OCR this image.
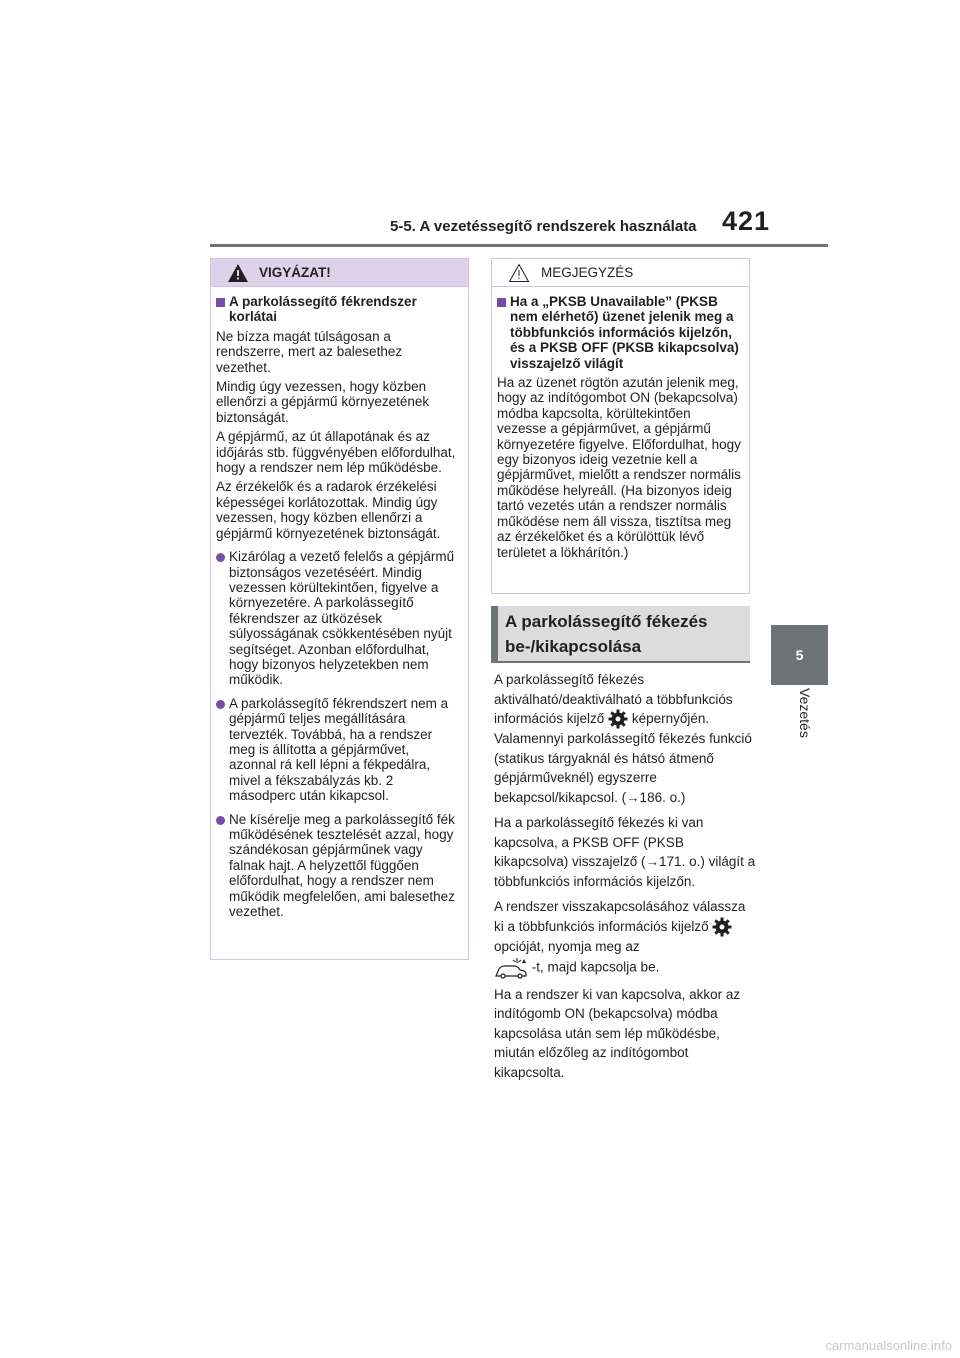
5-5. A vezetéssegítő rendszerek használata 421
5
Vezetés
VIGYÁZAT!
A parkolássegítő fékrendszer korlátai

Ne bízza magát túlságosan a rendszerre, mert az balesethez vezethet.

Mindig úgy vezessen, hogy közben ellenőrzi a gépjármű környezetének biztonságát.

A gépjármű, az út állapotának és az időjárás stb. függvényében előfordulhat, hogy a rendszer nem lép működésbe.

Az érzékelők és a radarok érzékelési képességei korlátozottak. Mindig úgy vezessen, hogy közben ellenőrzi a gépjármű környezetének biztonságát.

Kizárólag a vezető felelős a gépjármű biztonságos vezetéséért. Mindig vezessen körültekintően, figyelve a környezetére. A parkolássegítő fékrendszer az ütközések súlyosságának csökkentésében nyújt segítséget. Azonban előfordulhat, hogy bizonyos helyzetekben nem működik.
A parkolássegítő fékrendszert nem a gépjármű teljes megállítására tervezték. Továbbá, ha a rendszer meg is állította a gépjárművet, azonnal rá kell lépni a fékpedálra, mivel a fékszabályzás kb. 2 másodperc után kikapcsol.
Ne kísérelje meg a parkolássegítő fék működésének tesztelését azzal, hogy szándékosan gépjárműnek vagy falnak hajt. A helyzettől függően előfordulhat, hogy a rendszer nem működik megfelelően, ami balesethez vezethet.
MEGJEGYZÉS
Ha a „PKSB Unavailable” (PKSB nem elérhető) üzenet jelenik meg a többfunkciós információs kijelzőn, és a PKSB OFF (PKSB kikapcsolva) visszajelző világít

Ha az üzenet rögtön azután jelenik meg, hogy az indítógombot ON (bekapcsolva) módba kapcsolta, körültekintően vezesse a gépjárművet, a gépjármű környezetére figyelve. Előfordulhat, hogy egy bizonyos ideig vezetnie kell a gépjárművet, mielőtt a rendszer normális működése helyreáll. (Ha bizonyos ideig tartó vezetés után a rendszer normális működése nem áll vissza, tisztítsa meg az érzékelőket és a körülöttük lévő területet a lökhárítón.)

A parkolássegítő fékezés be-/kikapcsolása

A parkolássegítő fékezés aktiválható/deaktiválható a többfunkciós információs kijelző képernyőjén. Valamennyi parkolássegítő fékezés funkció (statikus tárgyaknál és hátsó átmenő gépjárműveknél) egyszerre bekapcsol/kikapcsol. (→186. o.)

Ha a parkolássegítő fékezés ki van kapcsolva, a PKSB OFF (PKSB kikapcsolva) visszajelző (→171. o.) világít a többfunkciós információs kijelzőn.

A rendszer visszakapcsolásához válassza ki a többfunkciós információs kijelző  opcióját, nyomja meg az
-t, majd kapcsolja be.

Ha a rendszer ki van kapcsolva, akkor az indítógomb ON (bekapcsolva) módba kapcsolása után sem lép működésbe, miután előzőleg az indítógombot kikapcsolta.

carmanualsonline.info
